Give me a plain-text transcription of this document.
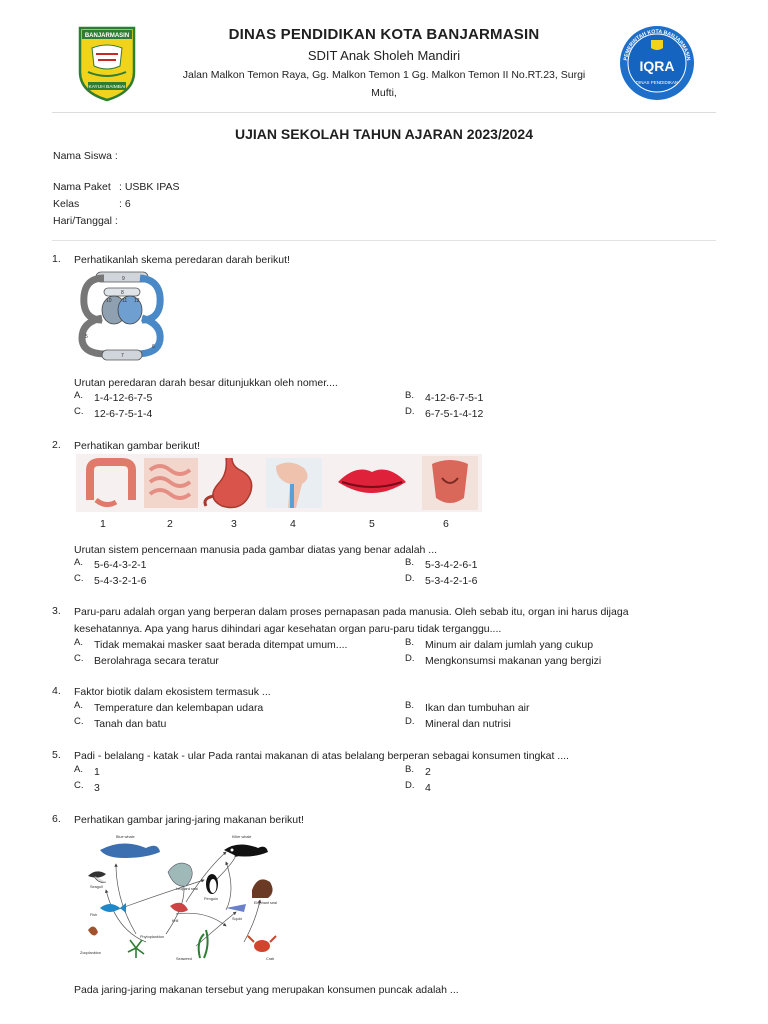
BANJARMASIN
KAYUH BAIMBAI
DINAS PENDIDIKAN KOTA BANJARMASIN
SDIT Anak Sholeh Mandiri
Jalan Malkon Temon Raya, Gg. Malkon Temon 1 Gg. Malkon Temon II No.RT.23, Surgi
Mufti,
PEMERINTAH KOTA BANJARMASIN
IQRA
DINAS PENDIDIKAN
UJIAN SEKOLAH TAHUN AJARAN 2023/2024
Nama Siswa :
Nama Paket : USBK IPAS
Kelas	: 6
Hari/Tanggal :
1. Perhatikanlah skema peredaran darah berikut!
9
8
10 11 12
5
6
7
Urutan peredaran darah besar ditunjukkan oleh nomer....
A. 1-4-12-6-7-5	B. 4-12-6-7-5-1
C. 12-6-7-5-1-4	D. 6-7-5-1-4-12
2. Perhatikan gambar berikut!
1	2	3	4	5	6
Urutan sistem pencernaan manusia pada gambar diatas yang benar adalah ...
A. 5-6-4-3-2-1	B. 5-3-4-2-6-1
C. 5-4-3-2-1-6	D. 5-3-4-2-1-6
3. Paru-paru adalah organ yang berperan dalam proses pernapasan pada manusia. Oleh sebab itu, organ ini harus dijaga
kesehatannya. Apa yang harus dihindari agar kesehatan organ paru-paru tidak terganggu....
A. Tidak memakai masker saat berada ditempat umum....	B. Minum air dalam jumlah yang cukup
C. Berolahraga secara teratur	D. Mengkonsumsi makanan yang bergizi
4. Faktor biotik dalam ekosistem termasuk ...
A. Temperature dan kelembapan udara	B. Ikan dan tumbuhan air
C. Tanah dan batu	D. Mineral dan nutrisi
5. Padi - belalang - katak - ular Pada rantai makanan di atas belalang berperan sebagai konsumen tingkat ....
A. 1	B. 2
C. 3	D. 4
6. Perhatikan gambar jaring-jaring makanan berikut!
Blue whale	Killer whale
Seagull	Leopard seal
Penguin
Elephant seal
Fish
Squid
Krill
Phytoplankton
Zooplankton
Seaweed	Crab
Pada jaring-jaring makanan tersebut yang merupakan konsumen puncak adalah ...
